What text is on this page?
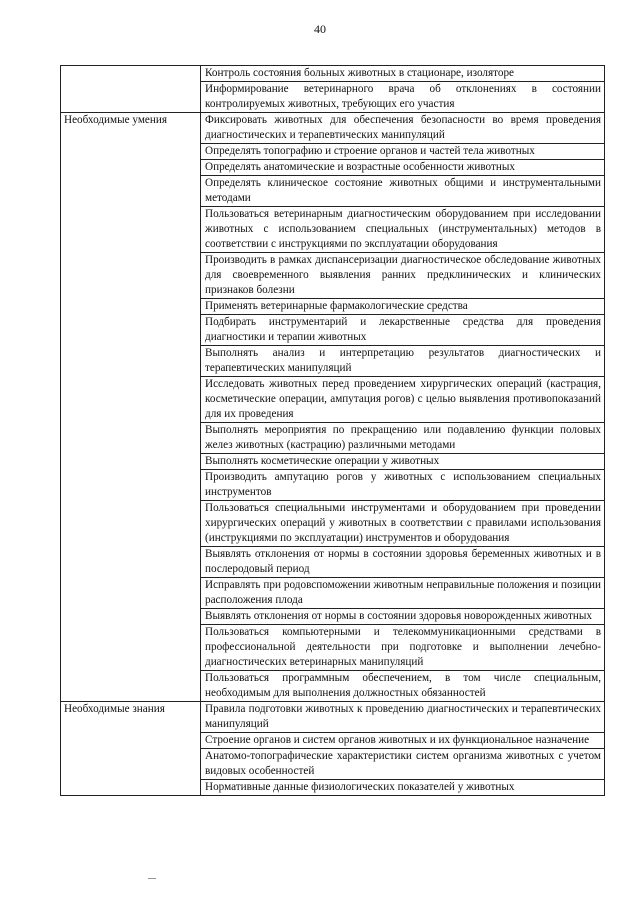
40
	Контроль состояния больных животных в стационаре, изоляторе
	Информирование ветеринарного врача об отклонениях в состоянии контролируемых животных, требующих его участия
Необходимые умения	Фиксировать животных для обеспечения безопасности во время проведения диагностических и терапевтических манипуляций
	Определять топографию и строение органов и частей тела животных
	Определять анатомические и возрастные особенности животных
	Определять клиническое состояние животных общими и инструментальными методами
	Пользоваться ветеринарным диагностическим оборудованием при исследовании животных с использованием специальных (инструментальных) методов в соответствии с инструкциями по эксплуатации оборудования
	Производить в рамках диспансеризации диагностическое обследование животных для своевременного выявления ранних предклинических и клинических признаков болезни
	Применять ветеринарные фармакологические средства
	Подбирать инструментарий и лекарственные средства для проведения диагностики и терапии животных
	Выполнять анализ и интерпретацию результатов диагностических и терапевтических манипуляций
	Исследовать животных перед проведением хирургических операций (кастрация, косметические операции, ампутация рогов) с целью выявления противопоказаний для их проведения
	Выполнять мероприятия по прекращению или подавлению функции половых желез животных (кастрацию) различными методами
	Выполнять косметические операции у животных
	Производить ампутацию рогов у животных с использованием специальных инструментов
	Пользоваться специальными инструментами и оборудованием при проведении хирургических операций у животных в соответствии с правилами использования (инструкциями по эксплуатации) инструментов и оборудования
	Выявлять отклонения от нормы в состоянии здоровья беременных животных и в послеродовый период
	Исправлять при родовспоможении животным неправильные положения и позиции расположения плода
	Выявлять отклонения от нормы в состоянии здоровья новорожденных животных
	Пользоваться компьютерными и телекоммуникационными средствами в профессиональной деятельности при подготовке и выполнении лечебно-диагностических ветеринарных манипуляций
	Пользоваться программным обеспечением, в том числе специальным, необходимым для выполнения должностных обязанностей
Необходимые знания	Правила подготовки животных к проведению диагностических и терапевтических манипуляций
	Строение органов и систем органов животных и их функциональное назначение
	Анатомо-топографические характеристики систем организма животных с учетом видовых особенностей
	Нормативные данные физиологических показателей у животных
